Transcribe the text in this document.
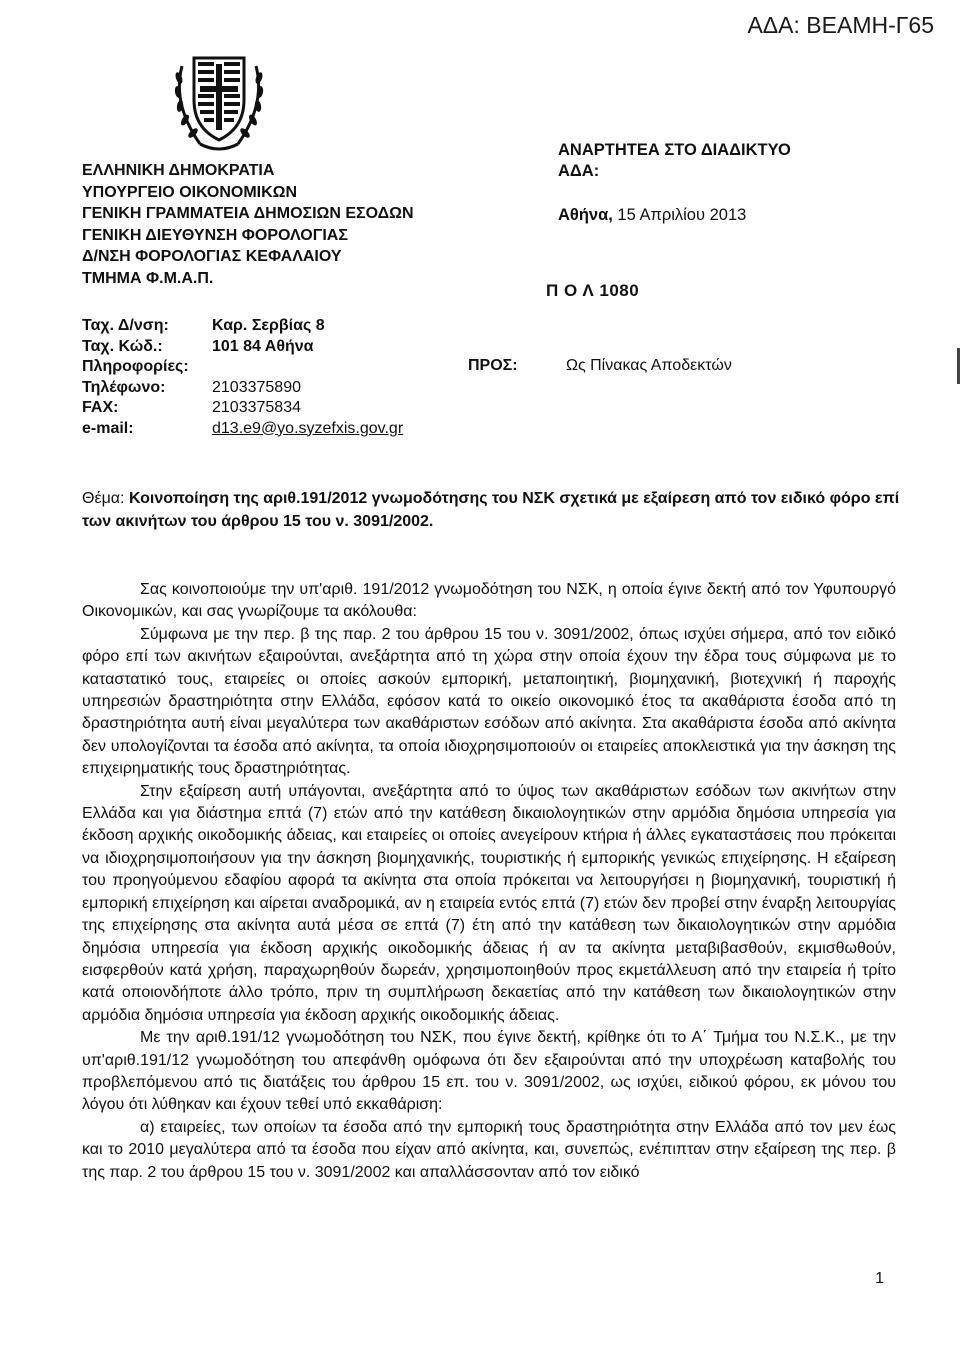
ΑΔΑ: ΒΕΑΜΗ-Γ65
ΕΛΛΗΝΙΚΗ ΔΗΜΟΚΡΑΤΙΑ
ΥΠΟΥΡΓΕΙΟ ΟΙΚΟΝΟΜΙΚΩΝ
ΓΕΝΙΚΗ ΓΡΑΜΜΑΤΕΙΑ ΔΗΜΟΣΙΩΝ ΕΣΟΔΩΝ
ΓΕΝΙΚΗ ΔΙΕΥΘΥΝΣΗ ΦΟΡΟΛΟΓΙΑΣ
Δ/ΝΣΗ ΦΟΡΟΛΟΓΙΑΣ ΚΕΦΑΛΑΙΟΥ
ΤΜΗΜΑ Φ.Μ.Α.Π.
ΑΝΑΡΤΗΤΕΑ ΣΤΟ ΔΙΑΔΙΚΤΥΟ
ΑΔΑ:
Αθήνα, 15 Απριλίου 2013
Π Ο Λ 1080
Ταχ. Δ/νση:	Καρ. Σερβίας 8
Ταχ. Κώδ.:	101 84 Αθήνα
Πληροφορίες:
Τηλέφωνο:	2103375890
FAX:	2103375834
e-mail:	d13.e9@yo.syzefxis.gov.gr
ΠΡΟΣ:	Ως Πίνακας Αποδεκτών
Θέμα: Κοινοποίηση της αριθ.191/2012 γνωμοδότησης του ΝΣΚ σχετικά με εξαίρεση από τον ειδικό φόρο επί των ακινήτων του άρθρου 15 του ν. 3091/2002.

Σας κοινοποιούμε την υπ'αριθ. 191/2012 γνωμοδότηση του ΝΣΚ, η οποία έγινε δεκτή από τον Υφυπουργό Οικονομικών, και σας γνωρίζουμε τα ακόλουθα:

Σύμφωνα με την περ. β της παρ. 2 του άρθρου 15 του ν. 3091/2002, όπως ισχύει σήμερα, από τον ειδικό φόρο επί των ακινήτων εξαιρούνται, ανεξάρτητα από τη χώρα στην οποία έχουν την έδρα τους σύμφωνα με το καταστατικό τους, εταιρείες οι οποίες ασκούν εμπορική, μεταποιητική, βιομηχανική, βιοτεχνική ή παροχής υπηρεσιών δραστηριότητα στην Ελλάδα, εφόσον κατά το οικείο οικονομικό έτος τα ακαθάριστα έσοδα από τη δραστηριότητα αυτή είναι μεγαλύτερα των ακαθάριστων εσόδων από ακίνητα. Στα ακαθάριστα έσοδα από ακίνητα δεν υπολογίζονται τα έσοδα από ακίνητα, τα οποία ιδιοχρησιμοποιούν οι εταιρείες αποκλειστικά για την άσκηση της επιχειρηματικής τους δραστηριότητας.

Στην εξαίρεση αυτή υπάγονται, ανεξάρτητα από το ύψος των ακαθάριστων εσόδων των ακινήτων στην Ελλάδα και για διάστημα επτά (7) ετών από την κατάθεση δικαιολογητικών στην αρμόδια δημόσια υπηρεσία για έκδοση αρχικής οικοδομικής άδειας, και εταιρείες οι οποίες ανεγείρουν κτήρια ή άλλες εγκαταστάσεις που πρόκειται να ιδιοχρησιμοποιήσουν για την άσκηση βιομηχανικής, τουριστικής ή εμπορικής γενικώς επιχείρησης. Η εξαίρεση του προηγούμενου εδαφίου αφορά τα ακίνητα στα οποία πρόκειται να λειτουργήσει η βιομηχανική, τουριστική ή εμπορική επιχείρηση και αίρεται αναδρομικά, αν η εταιρεία εντός επτά (7) ετών δεν προβεί στην έναρξη λειτουργίας της επιχείρησης στα ακίνητα αυτά μέσα σε επτά (7) έτη από την κατάθεση των δικαιολογητικών στην αρμόδια δημόσια υπηρεσία για έκδοση αρχικής οικοδομικής άδειας ή αν τα ακίνητα μεταβιβασθούν, εκμισθωθούν, εισφερθούν κατά χρήση, παραχωρηθούν δωρεάν, χρησιμοποιηθούν προς εκμετάλλευση από την εταιρεία ή τρίτο κατά οποιονδήποτε άλλο τρόπο, πριν τη συμπλήρωση δεκαετίας από την κατάθεση των δικαιολογητικών στην αρμόδια δημόσια υπηρεσία για έκδοση αρχικής οικοδομικής άδειας.

Με την αριθ.191/12 γνωμοδότηση του ΝΣΚ, που έγινε δεκτή, κρίθηκε ότι το Α΄ Τμήμα του Ν.Σ.Κ., με την υπ'αριθ.191/12 γνωμοδότηση του απεφάνθη ομόφωνα ότι δεν εξαιρούνται από την υποχρέωση καταβολής του προβλεπόμενου από τις διατάξεις του άρθρου 15 επ. του ν. 3091/2002, ως ισχύει, ειδικού φόρου, εκ μόνου του λόγου ότι λύθηκαν και έχουν τεθεί υπό εκκαθάριση:

α) εταιρείες, των οποίων τα έσοδα από την εμπορική τους δραστηριότητα στην Ελλάδα από τον μεν έως και το 2010 μεγαλύτερα από τα έσοδα που είχαν από ακίνητα, και, συνεπώς, ενέπιπταν στην εξαίρεση της περ. β της παρ. 2 του άρθρου 15 του ν. 3091/2002 και απαλλάσσονταν από τον ειδικό

1
